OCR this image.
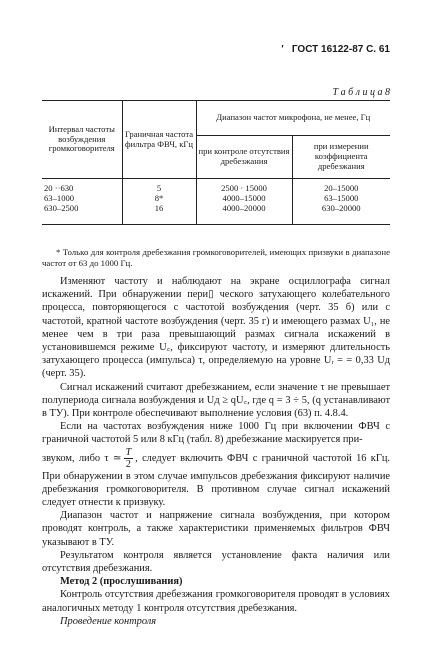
' ГОСТ 16122-87 С. 61
Т а б л и ц а 8
Интервал частоты возбуждения громкоговорителя	Граничная частота фильтра ФВЧ, кГц	Диапазон частот микрофона, не менее, Гц	
		при контроле отсутствия дребезжания	при измерении коэффициента дребезжания
20 ··630	5	2500 · 15000	20–15000
63–1000	8*	4000–15000	63–15000
630–2500	16	4000–20000	630–20000
* Только для контроля дребезжания громкоговорителей, имеющих призвуки в диапазоне частот от 63 до 1000 Гц.

Изменяют частоту и наблюдают на экране осциллографа сигнал искажений. При обнаружении пери▯ ческого затухающего колебательного процесса, повторяющегося с частотой возбуждения (черт. 35 б) или с частотой, кратной частоте возбуждения (черт. 35 г) и имеющего размах U₁, не менее чем в три раза превышающий размах сигнала искажений в установившемся режиме U꜀, фиксируют частоту, и измеряют длительность затухающего процесса (импульса) τ, определяемую на уровне Uᵣ = = 0,33 Uд (черт. 35).

Сигнал искажений считают дребезжанием, если значение τ не превышает полупериода сигнала возбуждения и Uд ≥ qU꜀, где q = 3 ÷ 5, (q устанавливают в ТУ). При контроле обеспечивают выполнение условия (63) п. 4.8.4.

Если на частотах возбуждения ниже 1000 Гц при включении ФВЧ с граничной частотой 5 или 8 кГц (табл. 8) дребезжание маскируется при-

звуком, либо τ ≃ $\frac{T}{2}$ , следует включить ФВЧ с граничной частотой 16 кГц. При обнаружении в этом случае импульсов дребезжания фиксируют наличие дребезжания громкоговорителя. В противном случае сигнал искажений следует отнести к призвуку.

Диапазон частот и напряжение сигнала возбуждения, при котором проводят контроль, а также характеристики применяемых фильтров ФВЧ указывают в ТУ.

Результатом контроля является установление факта наличия или отсутствия дребезжания.

Метод 2 (прослушивания)

Контроль отсутствия дребезжания громкоговорителя проводят в условиях аналогичных методу 1 контроля отсутствия дребезжания.

Проведение контроля
